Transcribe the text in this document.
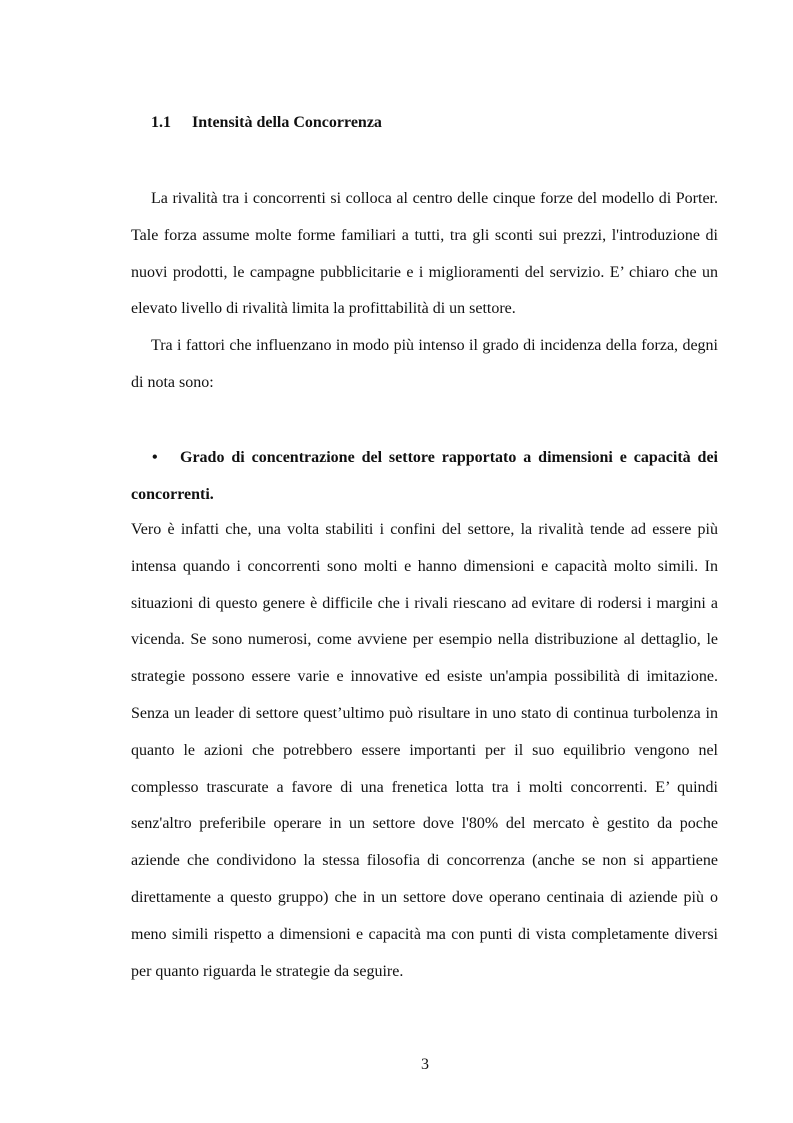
1.1 Intensità della Concorrenza
La rivalità tra i concorrenti si colloca al centro delle cinque forze del modello di Porter. Tale forza assume molte forme familiari a tutti, tra gli sconti sui prezzi, l'introduzione di nuovi prodotti, le campagne pubblicitarie e i miglioramenti del servizio. E’ chiaro che un elevato livello di rivalità limita la profittabilità di un settore.
Tra i fattori che influenzano in modo più intenso il grado di incidenza della forza, degni di nota sono:
• Grado di concentrazione del settore rapportato a dimensioni e capacità dei concorrenti.
Vero è infatti che, una volta stabiliti i confini del settore, la rivalità tende ad essere più intensa quando i concorrenti sono molti e hanno dimensioni e capacità molto simili. In situazioni di questo genere è difficile che i rivali riescano ad evitare di rodersi i margini a vicenda. Se sono numerosi, come avviene per esempio nella distribuzione al dettaglio, le strategie possono essere varie e innovative ed esiste un'ampia possibilità di imitazione. Senza un leader di settore quest’ultimo può risultare in uno stato di continua turbolenza in quanto le azioni che potrebbero essere importanti per il suo equilibrio vengono nel complesso trascurate a favore di una frenetica lotta tra i molti concorrenti. E’ quindi senz'altro preferibile operare in un settore dove l'80% del mercato è gestito da poche aziende che condividono la stessa filosofia di concorrenza (anche se non si appartiene direttamente a questo gruppo) che in un settore dove operano centinaia di aziende più o meno simili rispetto a dimensioni e capacità ma con punti di vista completamente diversi per quanto riguarda le strategie da seguire.
3
